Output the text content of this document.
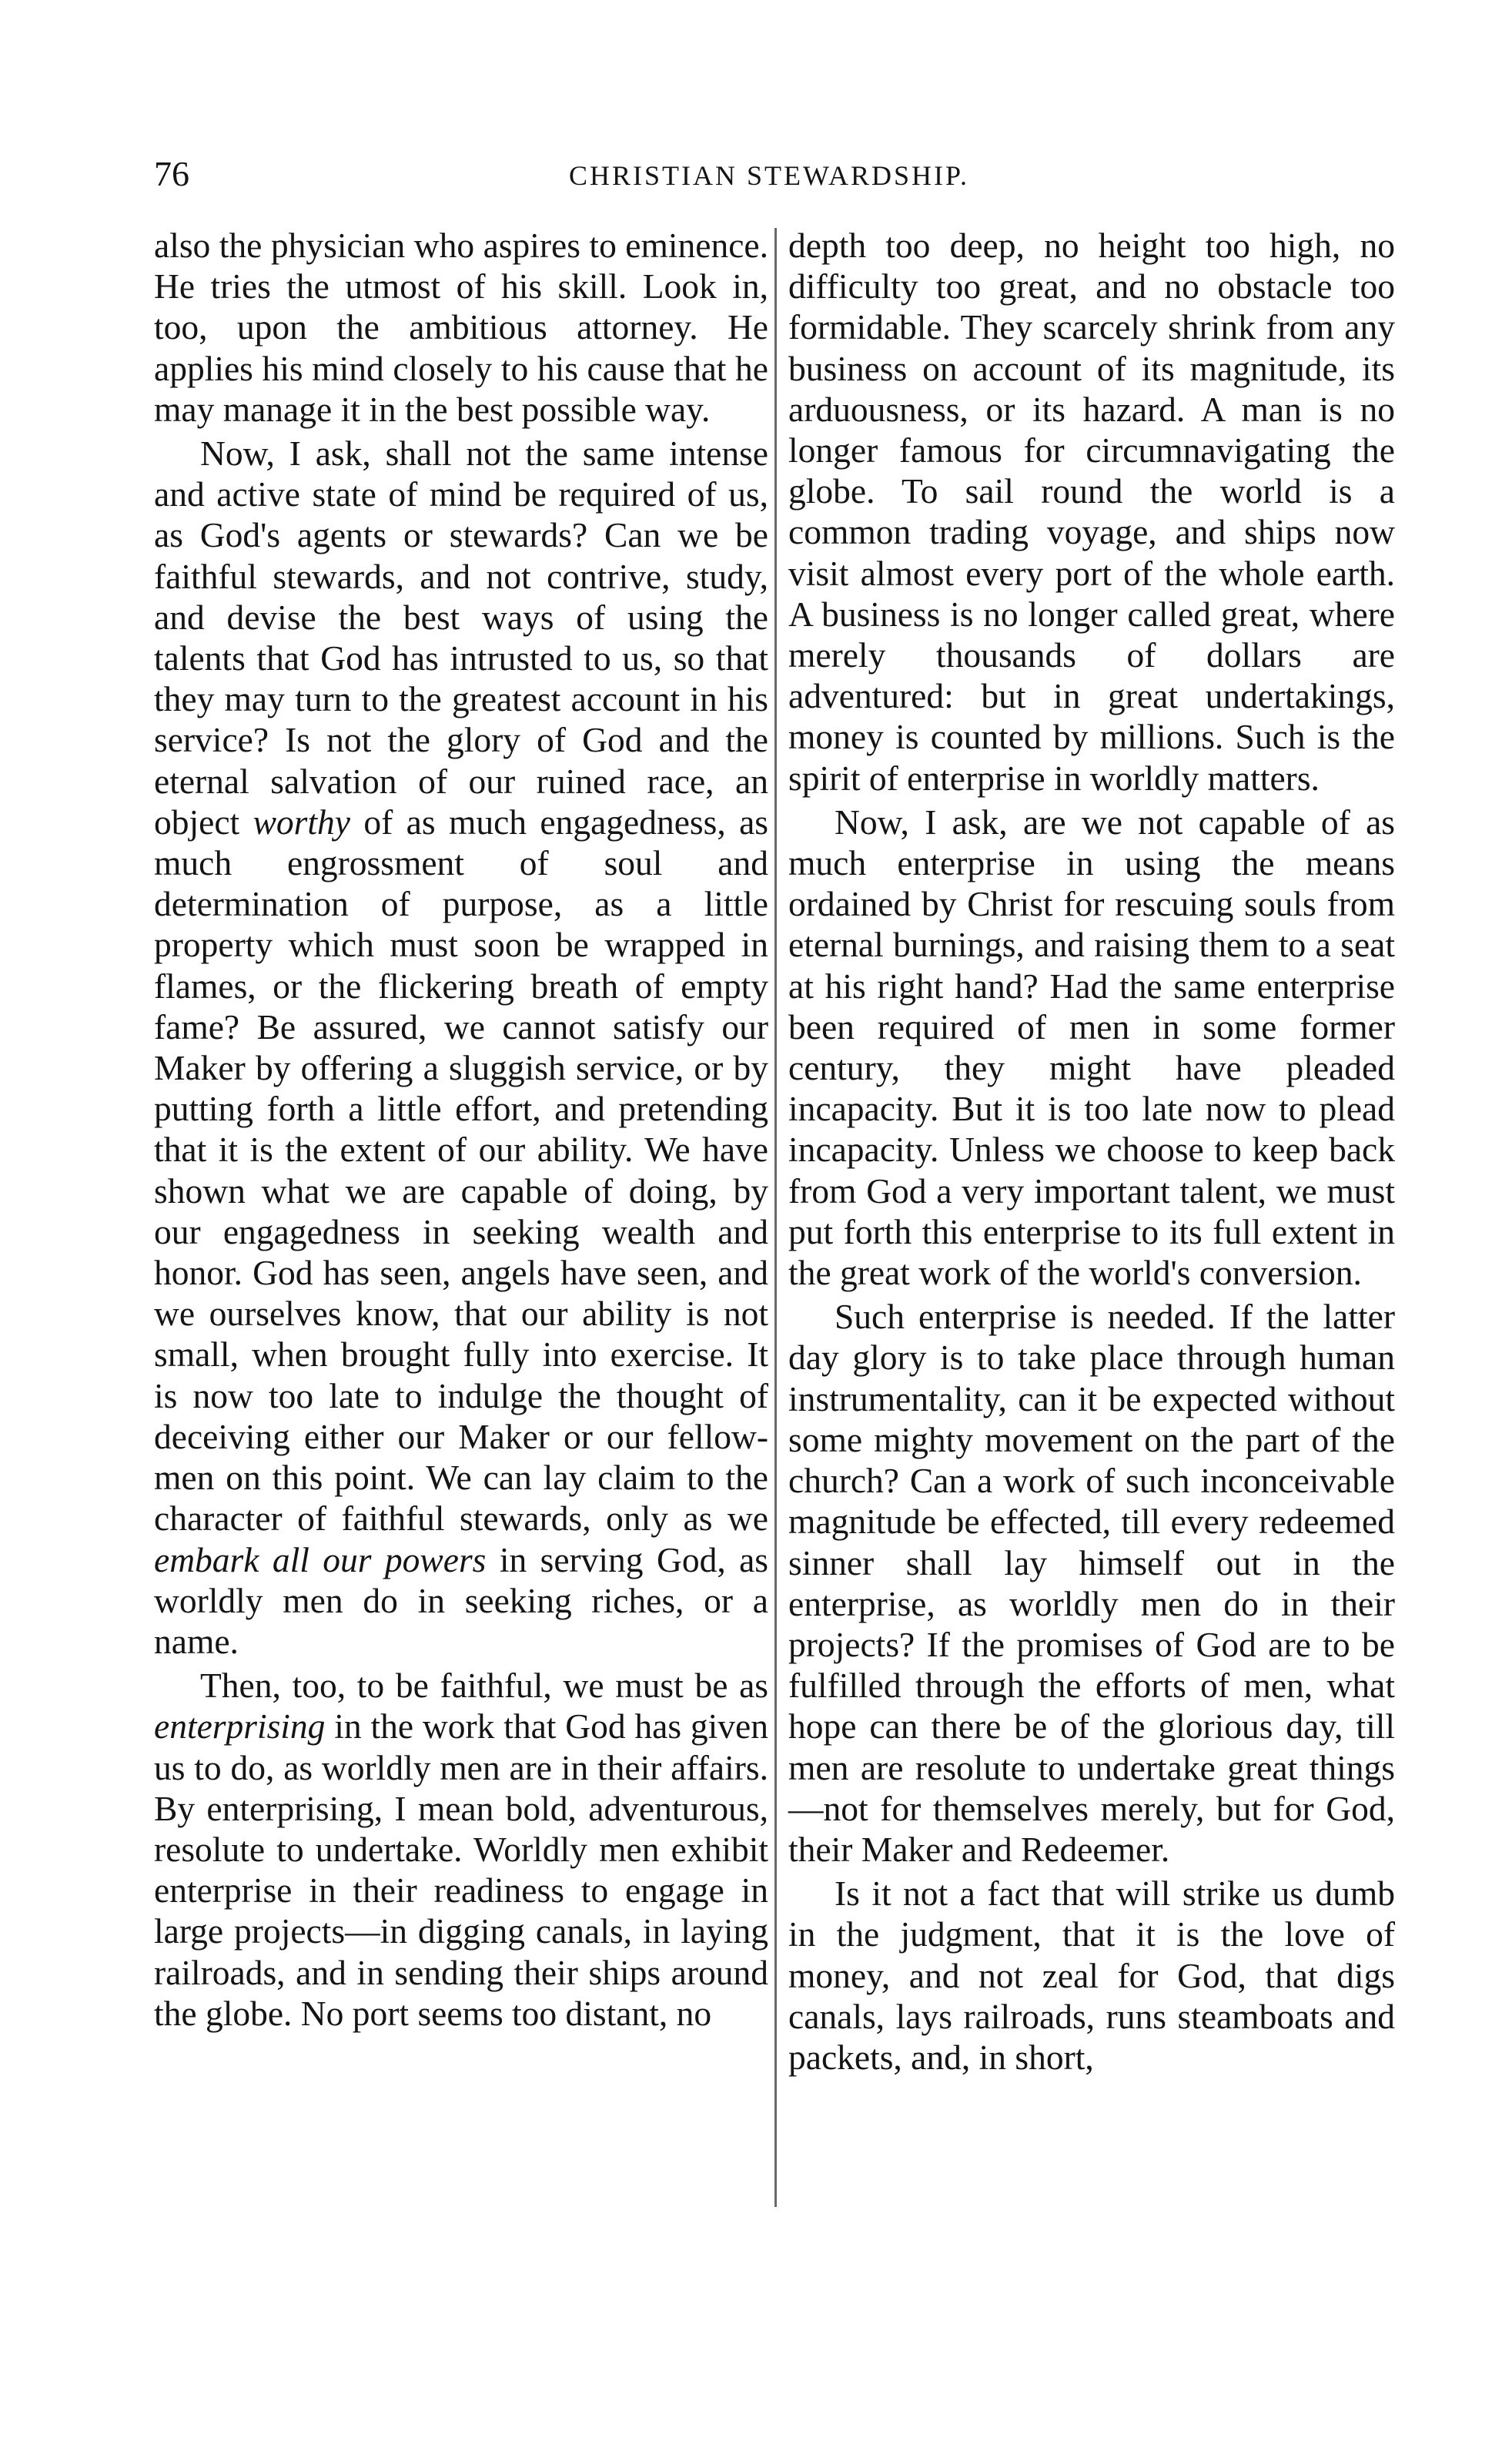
76	CHRISTIAN STEWARDSHIP.

also the physician who aspires to eminence. He tries the utmost of his skill. Look in, too, upon the ambitious attorney. He applies his mind closely to his cause that he may manage it in the best possible way.

Now, I ask, shall not the same intense and active state of mind be required of us, as God's agents or stewards? Can we be faithful stewards, and not contrive, study, and devise the best ways of using the talents that God has intrusted to us, so that they may turn to the greatest account in his service? Is not the glory of God and the eternal salvation of our ruined race, an object worthy of as much engagedness, as much engrossment of soul and determination of purpose, as a little property which must soon be wrapped in flames, or the flickering breath of empty fame? Be assured, we cannot satisfy our Maker by offering a sluggish service, or by putting forth a little effort, and pretending that it is the extent of our ability. We have shown what we are capable of doing, by our engagedness in seeking wealth and honor. God has seen, angels have seen, and we ourselves know, that our ability is not small, when brought fully into exercise. It is now too late to indulge the thought of deceiving either our Maker or our fellow-men on this point. We can lay claim to the character of faithful stewards, only as we embark all our powers in serving God, as worldly men do in seeking riches, or a name.

Then, too, to be faithful, we must be as enterprising in the work that God has given us to do, as worldly men are in their affairs. By enterprising, I mean bold, adventurous, resolute to undertake. Worldly men exhibit enterprise in their readiness to engage in large projects—in digging canals, in laying railroads, and in sending their ships around the globe. No port seems too distant, no

depth too deep, no height too high, no difficulty too great, and no obstacle too formidable. They scarcely shrink from any business on account of its magnitude, its arduousness, or its hazard. A man is no longer famous for circumnavigating the globe. To sail round the world is a common trading voyage, and ships now visit almost every port of the whole earth. A business is no longer called great, where merely thousands of dollars are adventured: but in great undertakings, money is counted by millions. Such is the spirit of enterprise in worldly matters.

Now, I ask, are we not capable of as much enterprise in using the means ordained by Christ for rescuing souls from eternal burnings, and raising them to a seat at his right hand? Had the same enterprise been required of men in some former century, they might have pleaded incapacity. But it is too late now to plead incapacity. Unless we choose to keep back from God a very important talent, we must put forth this enterprise to its full extent in the great work of the world's conversion.

Such enterprise is needed. If the latter day glory is to take place through human instrumentality, can it be expected without some mighty movement on the part of the church? Can a work of such inconceivable magnitude be effected, till every redeemed sinner shall lay himself out in the enterprise, as worldly men do in their projects? If the promises of God are to be fulfilled through the efforts of men, what hope can there be of the glorious day, till men are resolute to undertake great things—not for themselves merely, but for God, their Maker and Redeemer.

Is it not a fact that will strike us dumb in the judgment, that it is the love of money, and not zeal for God, that digs canals, lays railroads, runs steamboats and packets, and, in short,
